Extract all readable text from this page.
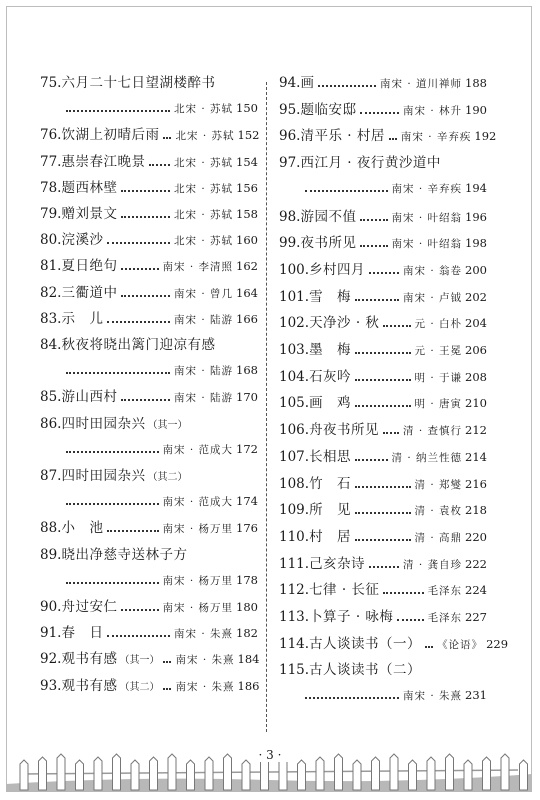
75. 六月二十七日望湖楼醉书
北宋 · 苏轼 150
76. 饮湖上初晴后雨 北宋 · 苏轼 152
77. 惠崇春江晚景	北宋 · 苏轼 154
78. 题西林壁	北宋 · 苏轼 156
79. 赠刘景文	北宋 · 苏轼 158
80. 浣溪沙	北宋 · 苏轼 160
81. 夏日绝句	南宋 · 李清照 162
82. 三衢道中	南宋 · 曾几 164
83. 示　儿	南宋 · 陆游 166
84. 秋夜将晓出篱门迎凉有感
南宋 · 陆游 168
85. 游山西村	南宋 · 陆游 170
86. 四时田园杂兴 （其一）
南宋 · 范成大 172
87. 四时田园杂兴 （其二）
南宋 · 范成大 174
88. 小　池	南宋 · 杨万里 176
89. 晓出净慈寺送林子方
南宋 · 杨万里 178
90. 舟过安仁	南宋 · 杨万里 180
91. 春　日	南宋 · 朱熹 182
92. 观书有感 （其一） 南宋 · 朱熹 184
93. 观书有感 （其二） 南宋 · 朱熹 186
94. 画	南宋 · 道川禅师 188
95. 题临安邸	南宋 · 林升 190
96. 清平乐 · 村居 南宋 · 辛弃疾 192
97. 西江月 · 夜行黄沙道中
南宋 · 辛弃疾 194
98. 游园不值	南宋 · 叶绍翁 196
99. 夜书所见	南宋 · 叶绍翁 198
100. 乡村四月	南宋 · 翁卷 200
101. 雪　梅	南宋 · 卢钺 202
102. 天净沙 · 秋	元 · 白朴 204
103. 墨　梅	元 · 王冕 206
104. 石灰吟	明 · 于谦 208
105. 画　鸡	明 · 唐寅 210
106. 舟夜书所见 清 · 查慎行 212
107. 长相思	清 · 纳兰性德 214
108. 竹　石	清 · 郑燮 216
109. 所　见	清 · 袁枚 218
110. 村　居	清 · 高鼎 220
111. 己亥杂诗	清 · 龚自珍 222
112. 七律 · 长征	毛泽东 224
113. 卜算子 · 咏梅	毛泽东 227
114. 古人谈读书（一） 《论语》 229
115. 古人谈读书（二）
南宋 · 朱熹 231
· 3 ·
